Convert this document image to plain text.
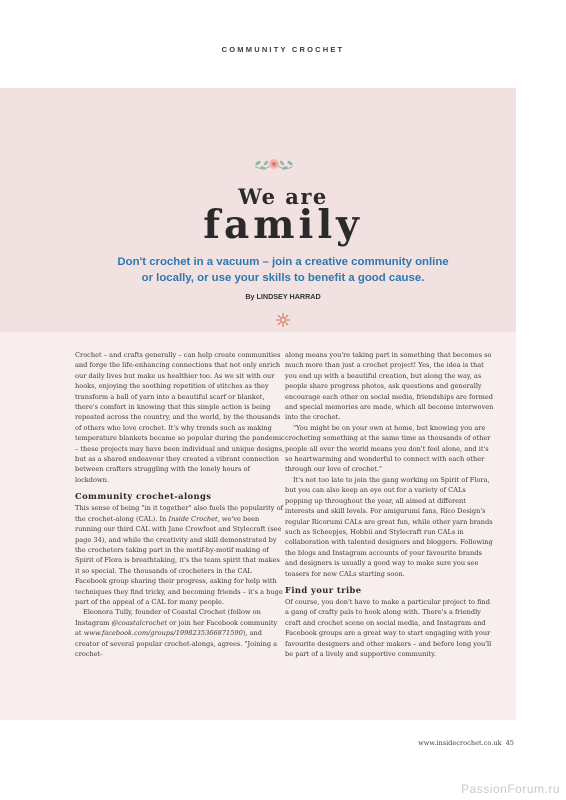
COMMUNITY CROCHET
We are
family
Don't crochet in a vacuum – join a creative community online
or locally, or use your skills to benefit a good cause.
By LINDSEY HARRAD

Crochet – and crafts generally – can help create communities and forge the life-enhancing connections that not only enrich our daily lives but make us healthier too. As we sit with our hooks, enjoying the soothing repetition of stitches as they transform a ball of yarn into a beautiful scarf or blanket, there's comfort in knowing that this simple action is being repeated across the country, and the world, by the thousands of others who love crochet. It's why trends such as making temperature blankets became so popular during the pandemic – these projects may have been individual and unique designs, but as a shared endeavour they created a vibrant connection between crafters struggling with the lonely hours of lockdown.

Community crochet-alongs

This sense of being "in it together" also fuels the popularity of the crochet-along (CAL). In Inside Crochet, we've been running our third CAL with Jane Crowfoot and Stylecraft (see page 34), and while the creativity and skill demonstrated by the crocheters taking part in the motif-by-motif making of Spirit of Flora is breathtaking, it's the team spirit that makes it so special. The thousands of crocheters in the CAL Facebook group sharing their progress, asking for help with techniques they find tricky, and becoming friends – it's a huge part of the appeal of a CAL for many people.

Eleonora Tully, founder of Coastal Crochet (follow on Instagram @coastalcrochet or join her Facebook community at www.facebook.com/groups/1998235366871590), and creator of several popular crochet-alongs, agrees. "Joining a crochet-

along means you're taking part in something that becomes so much more than just a crochet project! Yes, the idea is that you end up with a beautiful creation, but along the way, as people share progress photos, ask questions and generally encourage each other on social media, friendships are formed and special memories are made, which all become interwoven into the crochet.

"You might be on your own at home, but knowing you are crocheting something at the same time as thousands of other people all over the world means you don't feel alone, and it's so heartwarming and wonderful to connect with each other through our love of crochet."

It's not too late to join the gang working on Spirit of Flora, but you can also keep an eye out for a variety of CALs popping up throughout the year, all aimed at different interests and skill levels. For amigurumi fans, Rico Design's regular Ricorumi CALs are great fun, while other yarn brands such as Scheepjes, Hobbii and Stylecraft run CALs in collaboration with talented designers and bloggers. Following the blogs and Instagram accounts of your favourite brands and designers is usually a good way to make sure you see teasers for new CALs starting soon.

Find your tribe

Of course, you don't have to make a particular project to find a gang of crafty pals to hook along with. There's a friendly craft and crochet scene on social media, and Instagram and Facebook groups are a great way to start engaging with your favourite designers and other makers – and before long you'll be part of a lively and supportive community.

www.insidecrochet.co.uk 45
PassionForum.ru
